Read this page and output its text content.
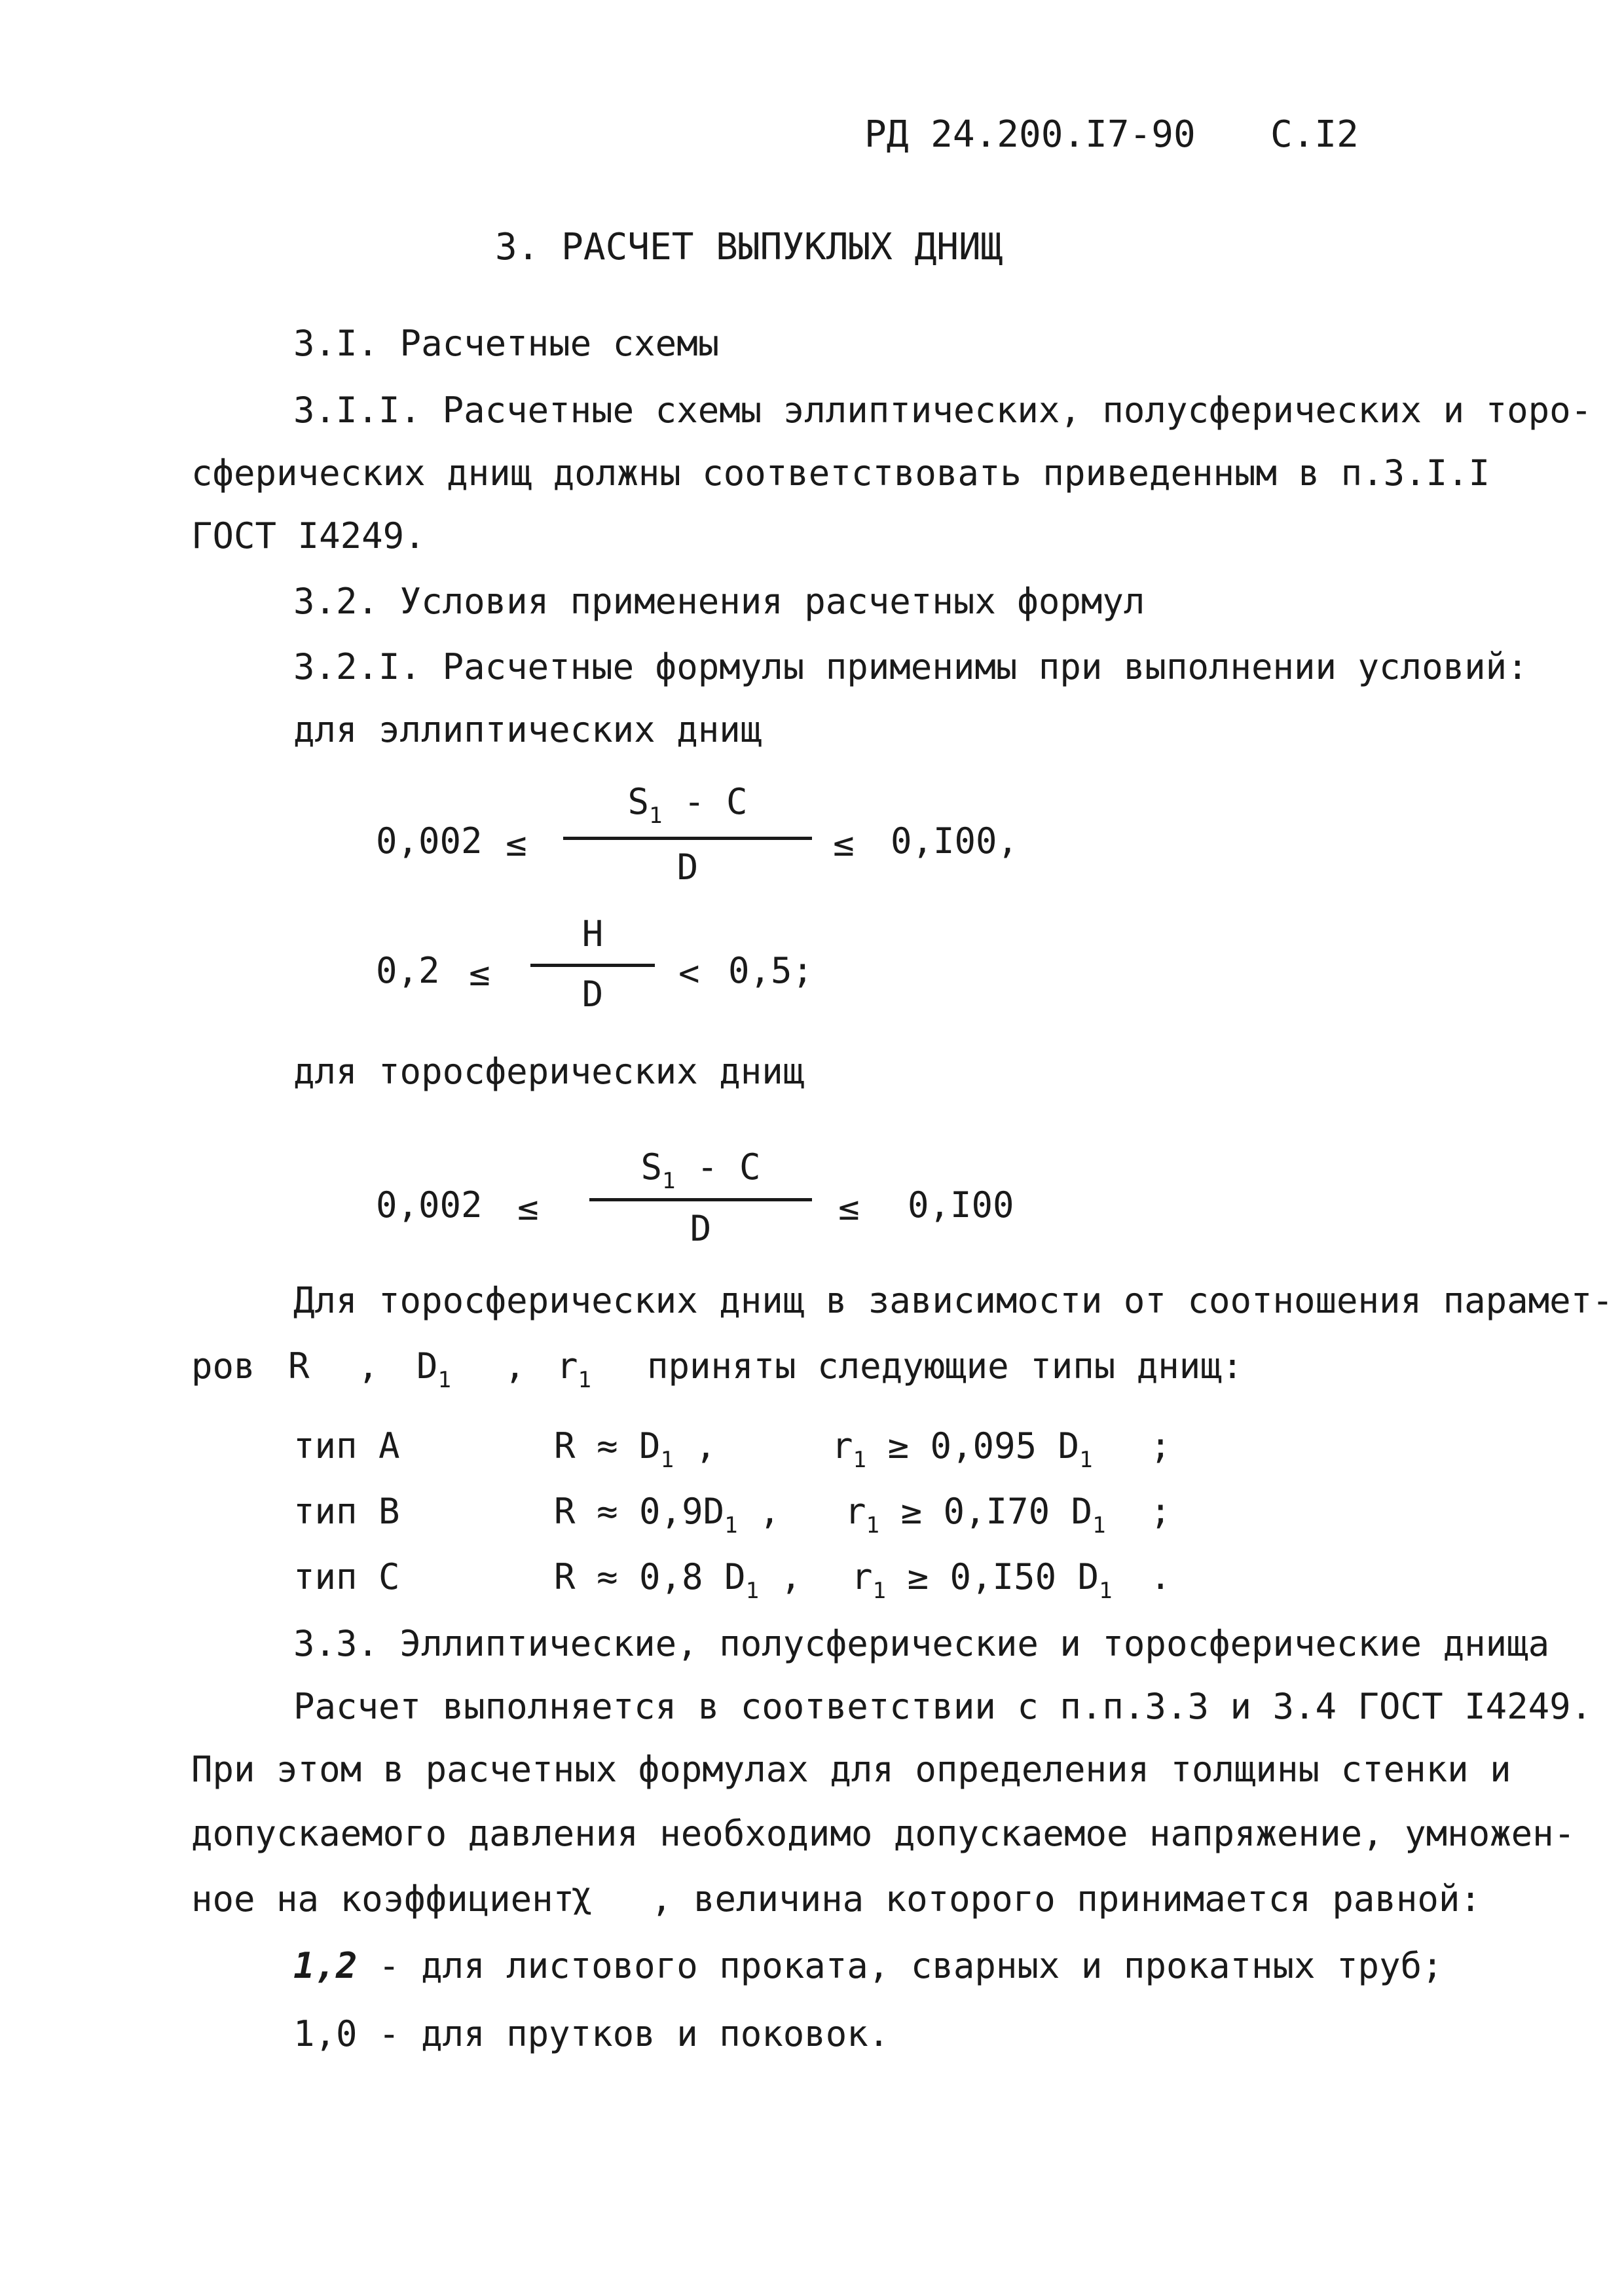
РД 24.200.I7-90 С.I2
3. РАСЧЕТ ВЫПУКЛЫХ ДНИЩ
3.I. Расчетные схемы
3.I.I. Расчетные схемы эллиптических, полусферических и торо-
сферических днищ должны соответствовать приведенным в п.3.I.I
ГОСТ I4249.
3.2. Условия применения расчетных формул
3.2.I. Расчетные формулы применимы при выполнении условий:
для эллиптических днищ
0,002 ≤
$S_1$ - C
D
≤ 0,I00,
0,2 ≤
H
D
< 0,5;
для торосферических днищ
0,002 ≤
$S_1$ - C
D
≤ 0,I00
Для торосферических днищ в зависимости от соотношения парамет-
ров R , $D_1$ , $r_1$ приняты следующие типы днищ:
тип А	$R \approx D_1$ ,	$r_1 \ge 0,095$ $D_1$ ;
тип В	$R \approx 0,9D_1$ , $r_1 \ge 0,I70$ $D_1$ ;
тип С	R ≈ 0,8 $D_1$ , $r_1 \ge 0,I50$ $D_1$ .
3.3. Эллиптические, полусферические и торосферические днища
Расчет выполняется в соответствии с п.п.3.3 и 3.4 ГОСТ I4249.
При этом в расчетных формулах для определения толщины стенки и
допускаемого давления необходимо допускаемое напряжение, умножен-
ное на коэффициент
χ , величина которого принимается равной:
1,2 - для листового проката, сварных и прокатных труб;
1,0 - для прутков и поковок.
